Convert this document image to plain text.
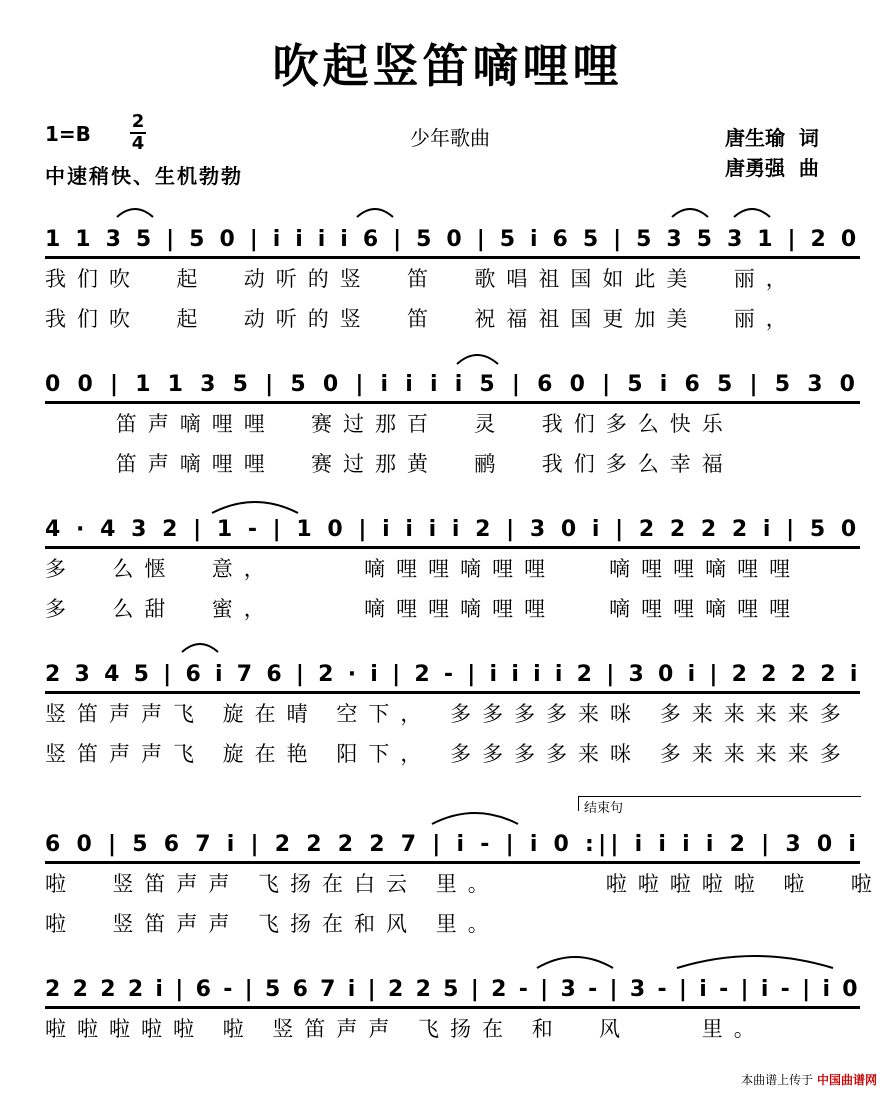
吹起竖笛嘀哩哩
1=B
2
4
中速稍快、生机勃勃
少年歌曲	唐生瑜  词
唐勇强  曲
1 1 3 5 | 5 0 | i i i i 6 | 5 0 | 5 i 6 5 | 5 3 5 3 1 | 2 0
我们吹  起  动听的竖  笛  歌唱祖国如此美  丽，
我们吹  起  动听的竖  笛  祝福祖国更加美  丽，
0 0 | 1 1 3 5 | 5 0 | i i i i 5 | 6 0 | 5 i 6 5 | 5 3 0
笛声嘀哩哩  赛过那百  灵  我们多么快乐
笛声嘀哩哩  赛过那黄  鹂  我们多么幸福
4 · 4 3 2 | 1 - | 1 0 | i i i i 2 | 3 0 i | 2 2 2 2 i | 5 0
多  么惬  意，     嘀哩哩嘀哩哩   嘀哩哩嘀哩哩
多  么甜  蜜，     嘀哩哩嘀哩哩   嘀哩哩嘀哩哩
2 3 4 5 | 6 i 7 6 | 2 · i | 2 - | i i i i 2 | 3 0 i | 2 2 2 2 i
竖笛声声飞 旋在晴 空下， 多多多多来咪 多来来来来多
竖笛声声飞 旋在艳 阳下， 多多多多来咪 多来来来来多
结束句
6 0 | 5 6 7 i | 2 2 2 2 7 | i - | i 0 :|| i i i i 2 | 3 0 i
啦  竖笛声声 飞扬在白云 里。      啦啦啦啦啦 啦  啦
啦  竖笛声声 飞扬在和风 里。
2 2 2 2 i | 6 - | 5 6 7 i | 2 2 5 | 2 - | 3 - | 3 - | i - | i - | i 0
啦啦啦啦啦 啦 竖笛声声 飞扬在 和  风    里。
本曲谱上传于 中国曲谱网
